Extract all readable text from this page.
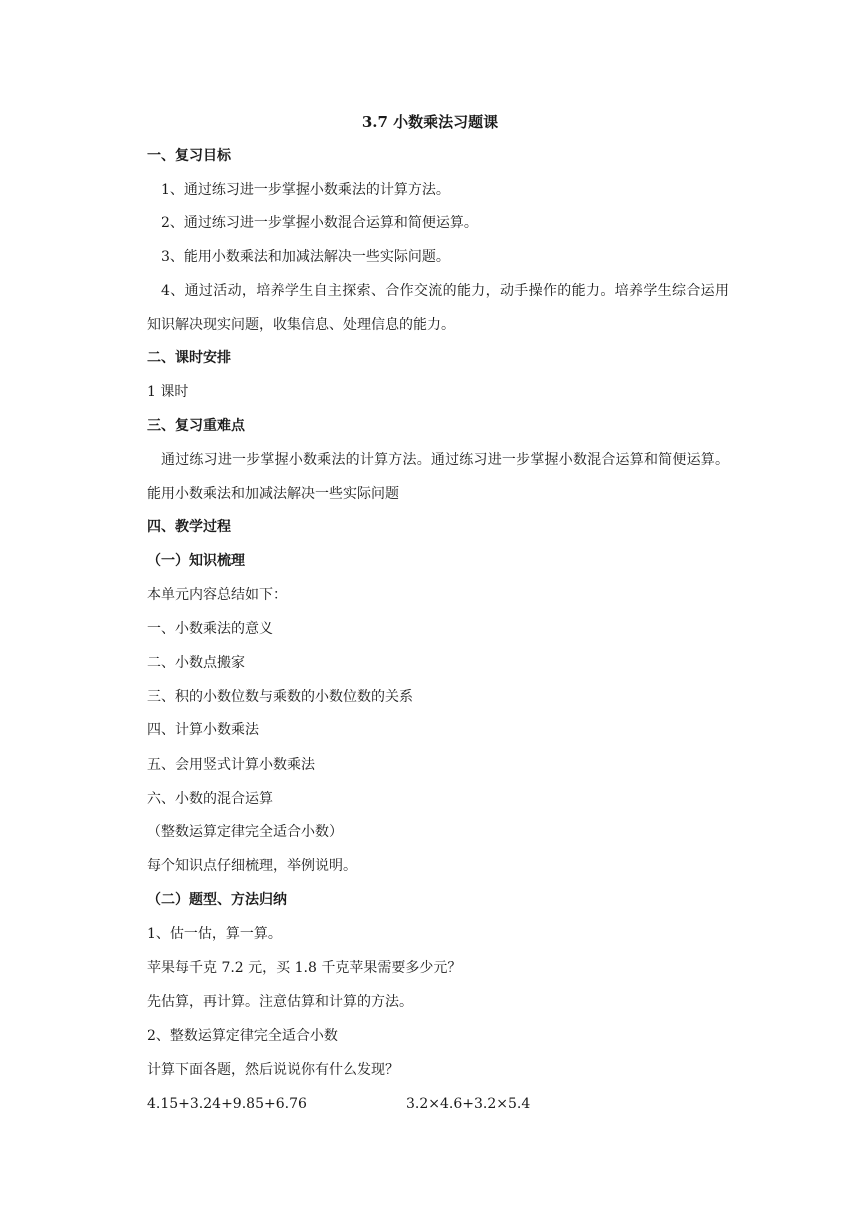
3.7 小数乘法习题课

一、复习目标

1、通过练习进一步掌握小数乘法的计算方法。

2、通过练习进一步掌握小数混合运算和简便运算。

3、能用小数乘法和加减法解决一些实际问题。

4、通过活动，培养学生自主探索、合作交流的能力，动手操作的能力。培养学生综合运用知识解决现实问题，收集信息、处理信息的能力。

二、课时安排

1 课时

三、复习重难点

通过练习进一步掌握小数乘法的计算方法。通过练习进一步掌握小数混合运算和简便运算。能用小数乘法和加减法解决一些实际问题

四、教学过程

（一）知识梳理

本单元内容总结如下：

一、小数乘法的意义

二、小数点搬家

三、积的小数位数与乘数的小数位数的关系

四、计算小数乘法

五、会用竖式计算小数乘法

六、小数的混合运算

（整数运算定律完全适合小数）

每个知识点仔细梳理，举例说明。

（二）题型、方法归纳

1、估一估，算一算。

苹果每千克 7.2 元，买 1.8 千克苹果需要多少元？

先估算，再计算。注意估算和计算的方法。

2、整数运算定律完全适合小数

计算下面各题，然后说说你有什么发现？

4.15+3.24+9.85+6.76	3.2×4.6+3.2×5.4
